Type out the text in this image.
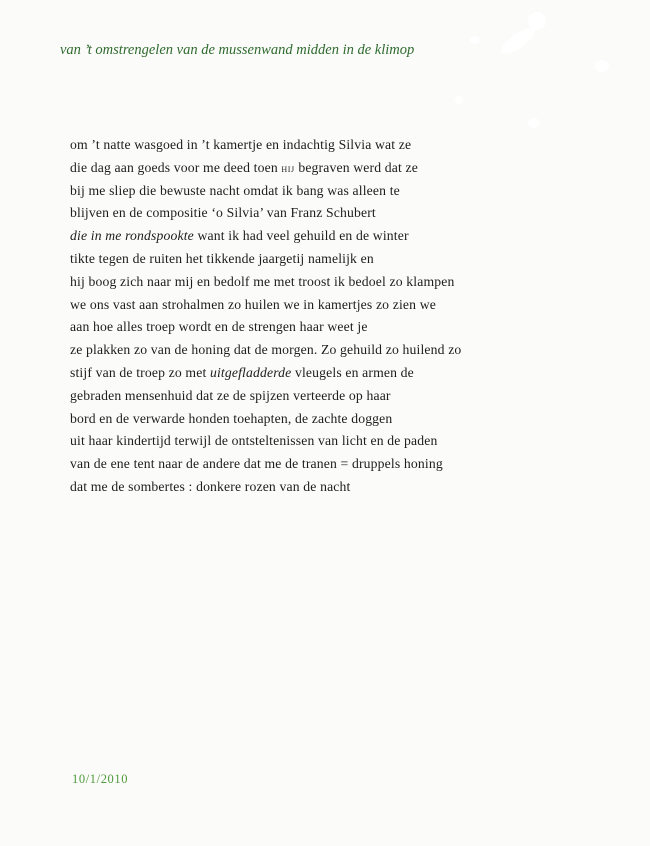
van ’t omstrengelen van de mussenwand midden in de klimop
om ’t natte wasgoed in ’t kamertje en indachtig Silvia wat ze
die dag aan goeds voor me deed toen hij begraven werd dat ze
bij me sliep die bewuste nacht omdat ik bang was alleen te
blijven en de compositie ‘o Silvia’ van Franz Schubert
die in me rondspookte want ik had veel gehuild en de winter
tikte tegen de ruiten het tikkende jaargetij namelijk en
hij boog zich naar mij en bedolf me met troost ik bedoel zo klampen
we ons vast aan strohalmen zo huilen we in kamertjes zo zien we
aan hoe alles troep wordt en de strengen haar weet je
ze plakken zo van de honing dat de morgen. Zo gehuild zo huilend zo
stijf van de troep zo met uitgefladderde vleugels en armen de
gebraden mensenhuid dat ze de spijzen verteerde op haar
bord en de verwarde honden toehapten, de zachte doggen
uit haar kindertijd terwijl de ontsteltenissen van licht en de paden
van de ene tent naar de andere dat me de tranen = druppels honing
dat me de sombertes : donkere rozen van de nacht
10/1/2010
